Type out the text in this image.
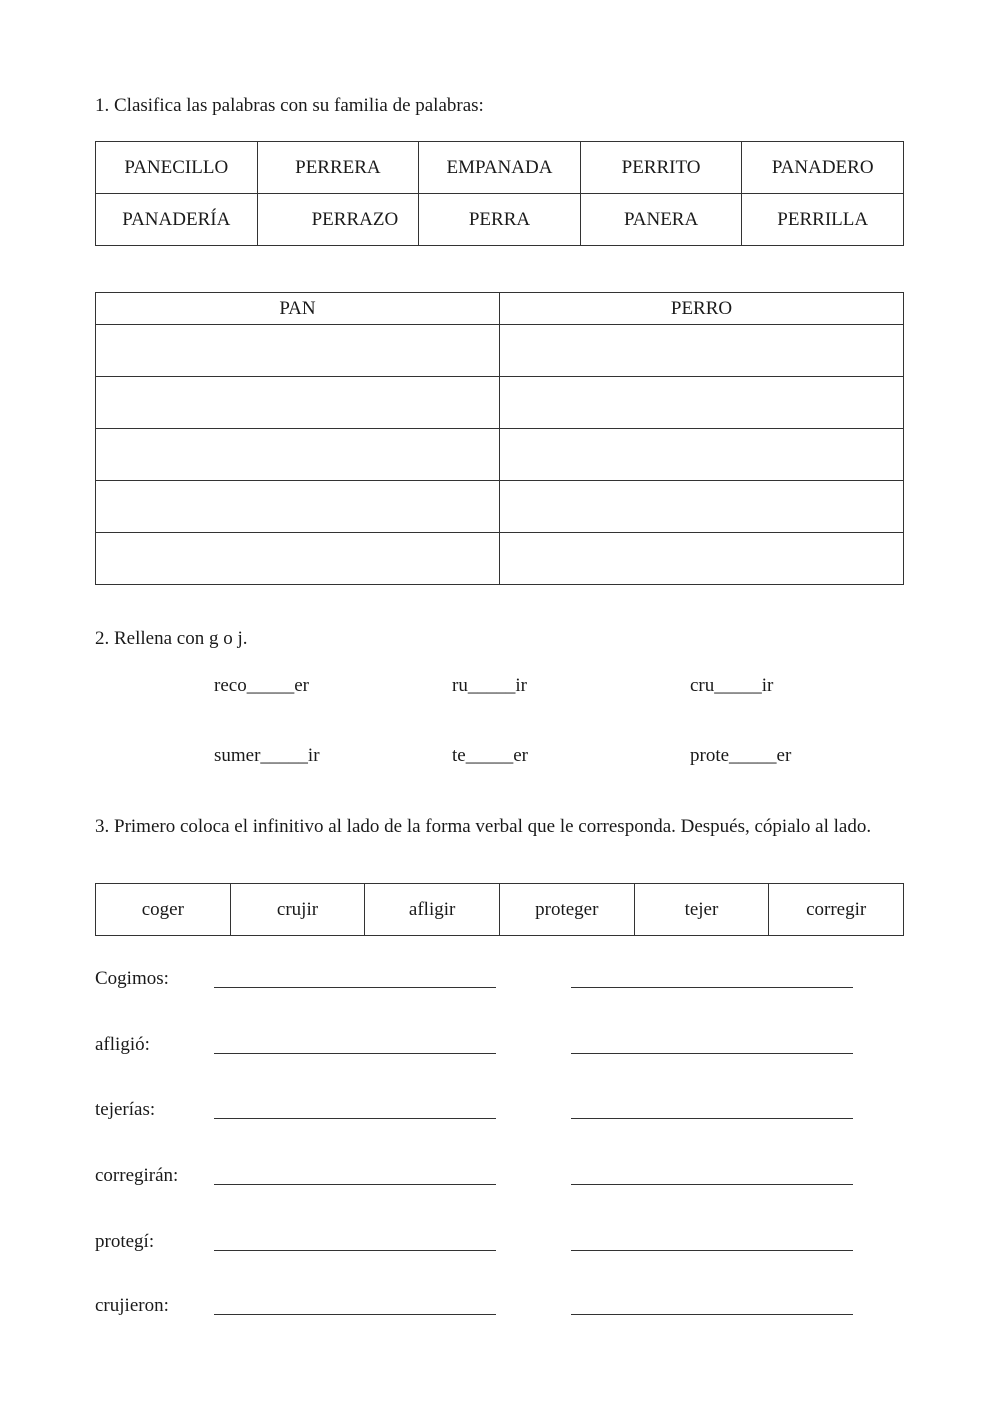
1. Clasifica las palabras con su familia de palabras:
PANECILLO	PERRERA	EMPANADA	PERRITO	PANADERO
PANADERÍA	PERRAZO	PERRA	PANERA	PERRILLA
PAN	PERRO

2. Rellena con g o j.
reco_____er	ru_____ir	cru_____ir
sumer_____ir	te_____er	prote_____er
3. Primero coloca el infinitivo al lado de la forma verbal que le corresponda. Después, cópialo al lado.
coger	crujir	afligir	proteger	tejer	corregir
Cogimos:
afligió:
tejerías:
corregirán:
protegí:
crujieron:
